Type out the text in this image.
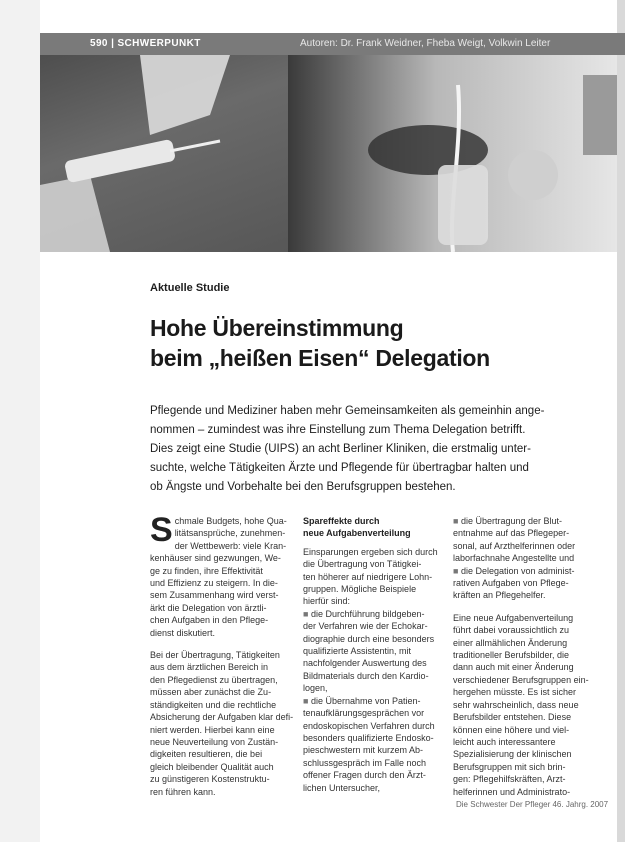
590 | SCHWERPUNKT	Autoren: Dr. Frank Weidner, Fheba Weigt, Volkwin Leiter
Aktuelle Studie
Hohe Übereinstimmung
beim „heißen Eisen“ Delegation
Pflegende und Mediziner haben mehr Gemeinsamkeiten als gemeinhin ange-
nommen – zumindest was ihre Einstellung zum Thema Delegation betrifft.
Dies zeigt eine Studie (UIPS) an acht Berliner Kliniken, die erstmalig unter-
suchte, welche Tätigkeiten Ärzte und Pflegende für übertragbar halten und
ob Ängste und Vorbehalte bei den Berufsgruppen bestehen.
S chmale Budgets, hohe Qua-
litätsansprüche, zunehmen-
der Wettbewerb: viele Kran-
kenhäuser sind gezwungen, We-
ge zu finden, ihre Effektivität
und Effizienz zu steigern. In die-
sem Zusammenhang wird verst-
ärkt die Delegation von ärztli-
chen Aufgaben in den Pflege-
dienst diskutiert.
Bei der Übertragung, Tätigkeiten
aus dem ärztlichen Bereich in
den Pflegedienst zu übertragen,
müssen aber zunächst die Zu-
ständigkeiten und die rechtliche
Absicherung der Aufgaben klar defi-
niert werden. Hierbei kann eine
neue Neuverteilung von Zustän-
digkeiten resultieren, die bei
gleich bleibender Qualität auch
zu günstigeren Kostenstruktu-
ren führen kann.
Spareffekte durch
neue Aufgabenverteilung
Einsparungen ergeben sich durch
die Übertragung von Tätigkei-
ten höherer auf niedrigere Lohn-
gruppen. Mögliche Beispiele
hierfür sind:
■ die Durchführung bildgeben-
der Verfahren wie der Echokar-
diographie durch eine besonders
qualifizierte Assistentin, mit
nachfolgender Auswertung des
Bildmaterials durch den Kardio-
logen,
■ die Übernahme von Patien-
tenaufklärungsgesprächen vor
endoskopischen Verfahren durch
besonders qualifizierte Endosko-
pieschwestern mit kurzem Ab-
schlussgespräch im Falle noch
offener Fragen durch den Ärzt-
lichen Untersucher,
■ die Übertragung der Blut-
entnahme auf das Pflegeper-
sonal, auf Arzthelferinnen oder
laborfachnahe Angestellte und
■ die Delegation von administ-
rativen Aufgaben von Pflege-
kräften an Pflegehelfer.
Eine neue Aufgabenverteilung
führt dabei voraussichtlich zu
einer allmählichen Änderung
traditioneller Berufsbilder, die
dann auch mit einer Änderung
verschiedener Berufsgruppen ein-
hergehen müsste. Es ist sicher
sehr wahrscheinlich, dass neue
Berufsbilder entstehen. Diese
können eine höhere und viel-
leicht auch interessantere
Spezialisierung der klinischen
Berufsgruppen mit sich brin-
gen: Pflegehilfskräften, Arzt-
helferinnen und Administrato-
Die Schwester Der Pfleger 46. Jahrg. 2007
